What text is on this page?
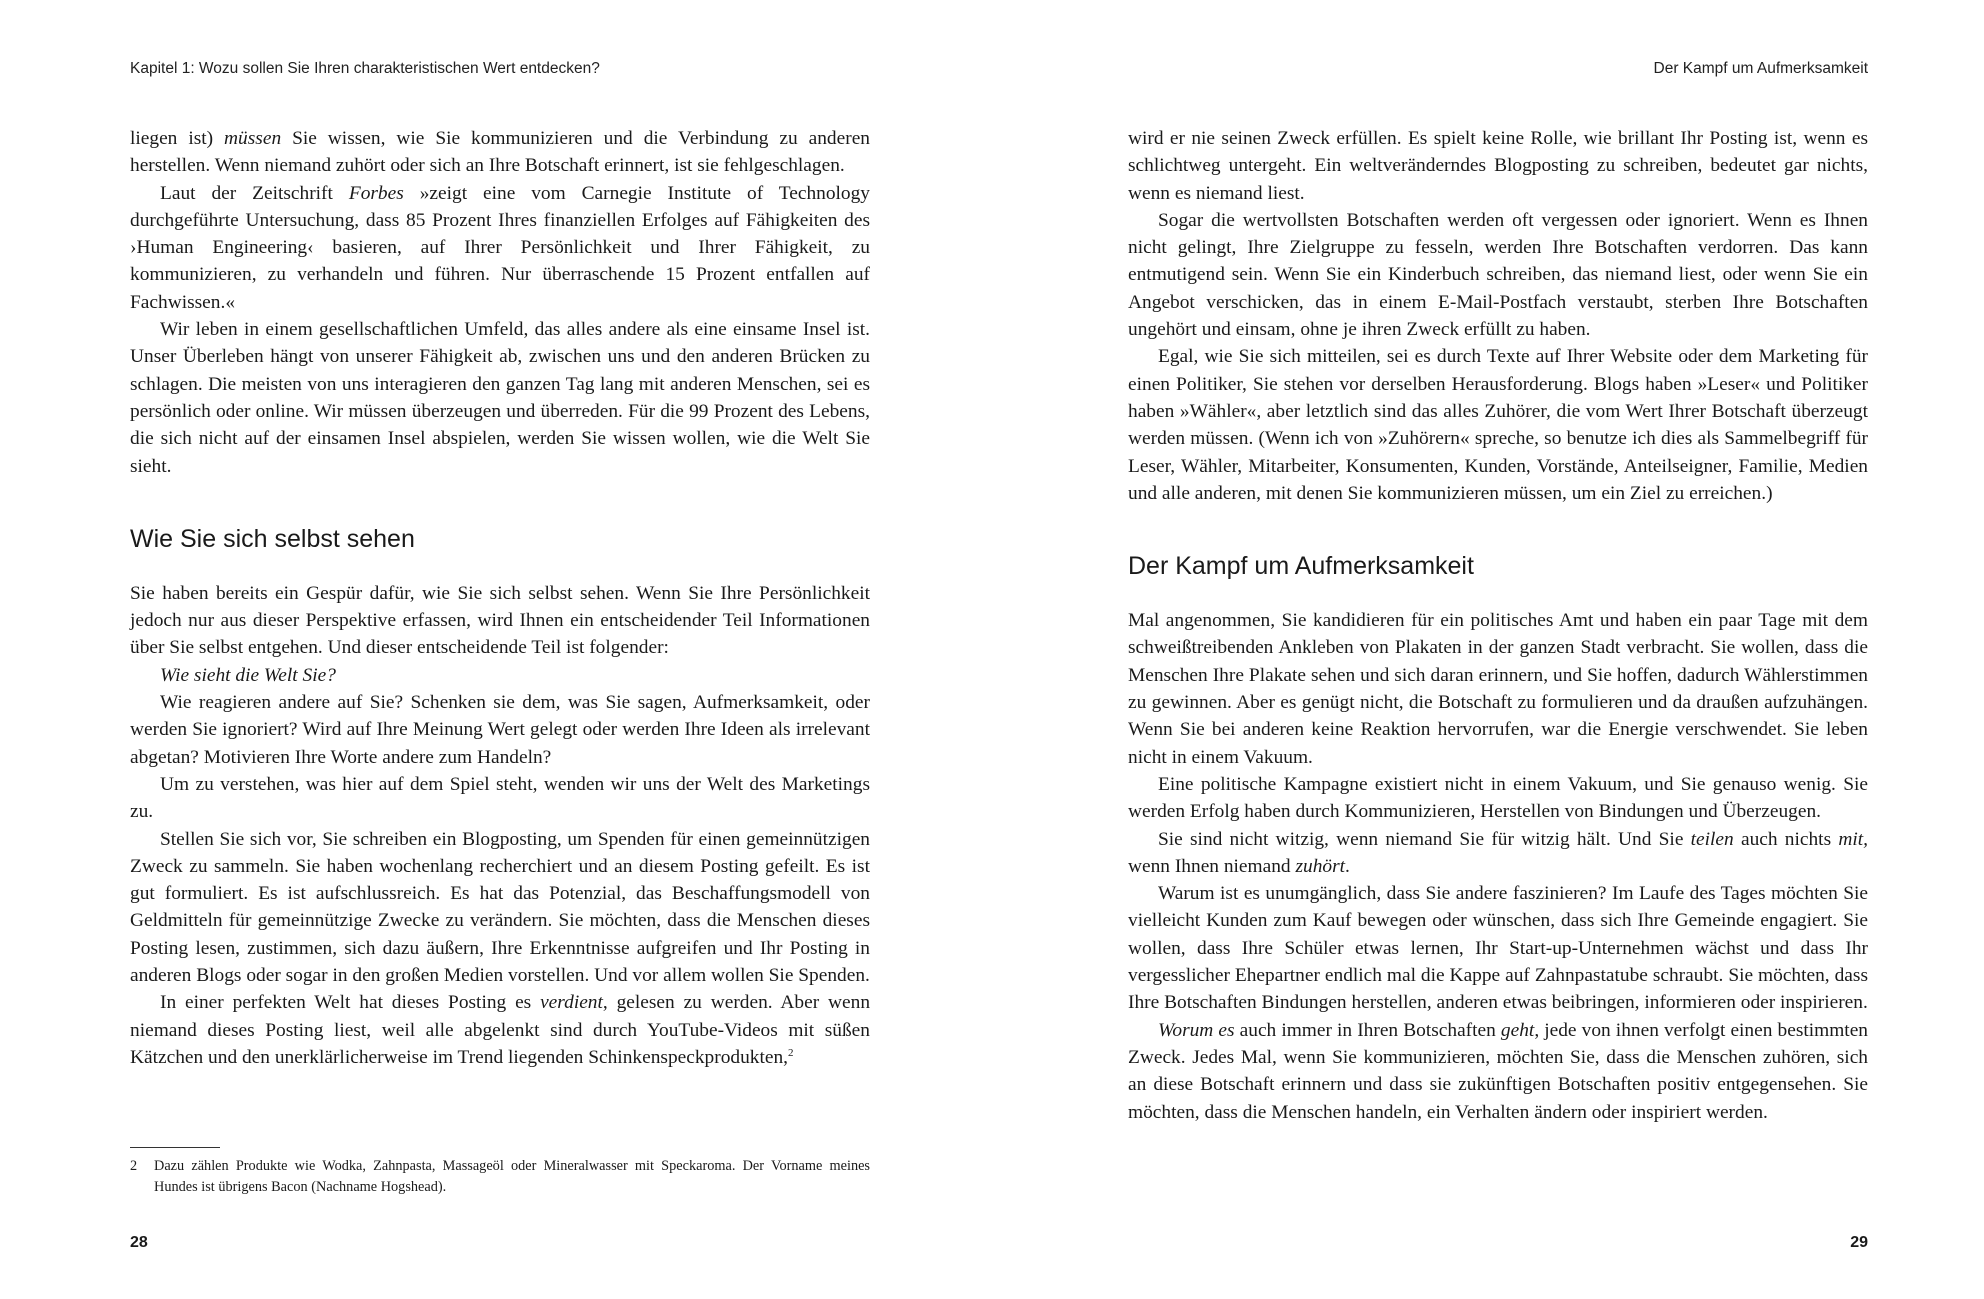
Kapitel 1: Wozu sollen Sie Ihren charakteristischen Wert entdecken?

liegen ist) müssen Sie wissen, wie Sie kommunizieren und die Verbindung zu anderen herstellen. Wenn niemand zuhört oder sich an Ihre Botschaft erinnert, ist sie fehlgeschlagen.

Laut der Zeitschrift Forbes »zeigt eine vom Carnegie Institute of Technology durchgeführte Untersuchung, dass 85 Prozent Ihres finanziellen Erfolges auf Fähigkeiten des ›Human Engineering‹ basieren, auf Ihrer Persönlichkeit und Ihrer Fähigkeit, zu kommunizieren, zu verhandeln und führen. Nur überraschende 15 Prozent entfallen auf Fachwissen.«

Wir leben in einem gesellschaftlichen Umfeld, das alles andere als eine einsame Insel ist. Unser Überleben hängt von unserer Fähigkeit ab, zwischen uns und den anderen Brücken zu schlagen. Die meisten von uns interagieren den ganzen Tag lang mit anderen Menschen, sei es persönlich oder online. Wir müssen überzeugen und überreden. Für die 99 Prozent des Lebens, die sich nicht auf der einsamen Insel abspielen, werden Sie wissen wollen, wie die Welt Sie sieht.

Wie Sie sich selbst sehen

Sie haben bereits ein Gespür dafür, wie Sie sich selbst sehen. Wenn Sie Ihre Persönlichkeit jedoch nur aus dieser Perspektive erfassen, wird Ihnen ein entscheidender Teil Informationen über Sie selbst entgehen. Und dieser entscheidende Teil ist folgender:

Wie sieht die Welt Sie?

Wie reagieren andere auf Sie? Schenken sie dem, was Sie sagen, Aufmerksamkeit, oder werden Sie ignoriert? Wird auf Ihre Meinung Wert gelegt oder werden Ihre Ideen als irrelevant abgetan? Motivieren Ihre Worte andere zum Handeln?

Um zu verstehen, was hier auf dem Spiel steht, wenden wir uns der Welt des Marketings zu.

Stellen Sie sich vor, Sie schreiben ein Blogposting, um Spenden für einen gemeinnützigen Zweck zu sammeln. Sie haben wochenlang recherchiert und an diesem Posting gefeilt. Es ist gut formuliert. Es ist aufschlussreich. Es hat das Potenzial, das Beschaffungsmodell von Geldmitteln für gemeinnützige Zwecke zu verändern. Sie möchten, dass die Menschen dieses Posting lesen, zustimmen, sich dazu äußern, Ihre Erkenntnisse aufgreifen und Ihr Posting in anderen Blogs oder sogar in den großen Medien vorstellen. Und vor allem wollen Sie Spenden.

In einer perfekten Welt hat dieses Posting es verdient, gelesen zu werden. Aber wenn niemand dieses Posting liest, weil alle abgelenkt sind durch YouTube-Videos mit süßen Kätzchen und den unerklärlicherweise im Trend liegenden Schinkenspeckprodukten,$^2$

2 Dazu zählen Produkte wie Wodka, Zahnpasta, Massageöl oder Mineralwasser mit Speckaroma. Der Vorname meines Hundes ist übrigens Bacon (Nachname Hogshead).
28
Der Kampf um Aufmerksamkeit

wird er nie seinen Zweck erfüllen. Es spielt keine Rolle, wie brillant Ihr Posting ist, wenn es schlichtweg untergeht. Ein weltveränderndes Blogposting zu schreiben, bedeutet gar nichts, wenn es niemand liest.

Sogar die wertvollsten Botschaften werden oft vergessen oder ignoriert. Wenn es Ihnen nicht gelingt, Ihre Zielgruppe zu fesseln, werden Ihre Botschaften verdorren. Das kann entmutigend sein. Wenn Sie ein Kinderbuch schreiben, das niemand liest, oder wenn Sie ein Angebot verschicken, das in einem E-Mail-Postfach verstaubt, sterben Ihre Botschaften ungehört und einsam, ohne je ihren Zweck erfüllt zu haben.

Egal, wie Sie sich mitteilen, sei es durch Texte auf Ihrer Website oder dem Marketing für einen Politiker, Sie stehen vor derselben Herausforderung. Blogs haben »Leser« und Politiker haben »Wähler«, aber letztlich sind das alles Zuhörer, die vom Wert Ihrer Botschaft überzeugt werden müssen. (Wenn ich von »Zuhörern« spreche, so benutze ich dies als Sammelbegriff für Leser, Wähler, Mitarbeiter, Konsumenten, Kunden, Vorstände, Anteilseigner, Familie, Medien und alle anderen, mit denen Sie kommunizieren müssen, um ein Ziel zu erreichen.)

Der Kampf um Aufmerksamkeit

Mal angenommen, Sie kandidieren für ein politisches Amt und haben ein paar Tage mit dem schweißtreibenden Ankleben von Plakaten in der ganzen Stadt verbracht. Sie wollen, dass die Menschen Ihre Plakate sehen und sich daran erinnern, und Sie hoffen, dadurch Wählerstimmen zu gewinnen. Aber es genügt nicht, die Botschaft zu formulieren und da draußen aufzuhängen. Wenn Sie bei anderen keine Reaktion hervorrufen, war die Energie verschwendet. Sie leben nicht in einem Vakuum.

Eine politische Kampagne existiert nicht in einem Vakuum, und Sie genauso wenig. Sie werden Erfolg haben durch Kommunizieren, Herstellen von Bindungen und Überzeugen.

Sie sind nicht witzig, wenn niemand Sie für witzig hält. Und Sie teilen auch nichts mit, wenn Ihnen niemand zuhört.

Warum ist es unumgänglich, dass Sie andere faszinieren? Im Laufe des Tages möchten Sie vielleicht Kunden zum Kauf bewegen oder wünschen, dass sich Ihre Gemeinde engagiert. Sie wollen, dass Ihre Schüler etwas lernen, Ihr Start-up-Unternehmen wächst und dass Ihr vergesslicher Ehepartner endlich mal die Kappe auf Zahnpastatube schraubt. Sie möchten, dass Ihre Botschaften Bindungen herstellen, anderen etwas beibringen, informieren oder inspirieren.

Worum es auch immer in Ihren Botschaften geht, jede von ihnen verfolgt einen bestimmten Zweck. Jedes Mal, wenn Sie kommunizieren, möchten Sie, dass die Menschen zuhören, sich an diese Botschaft erinnern und dass sie zukünftigen Botschaften positiv entgegensehen. Sie möchten, dass die Menschen handeln, ein Verhalten ändern oder inspiriert werden.

29
